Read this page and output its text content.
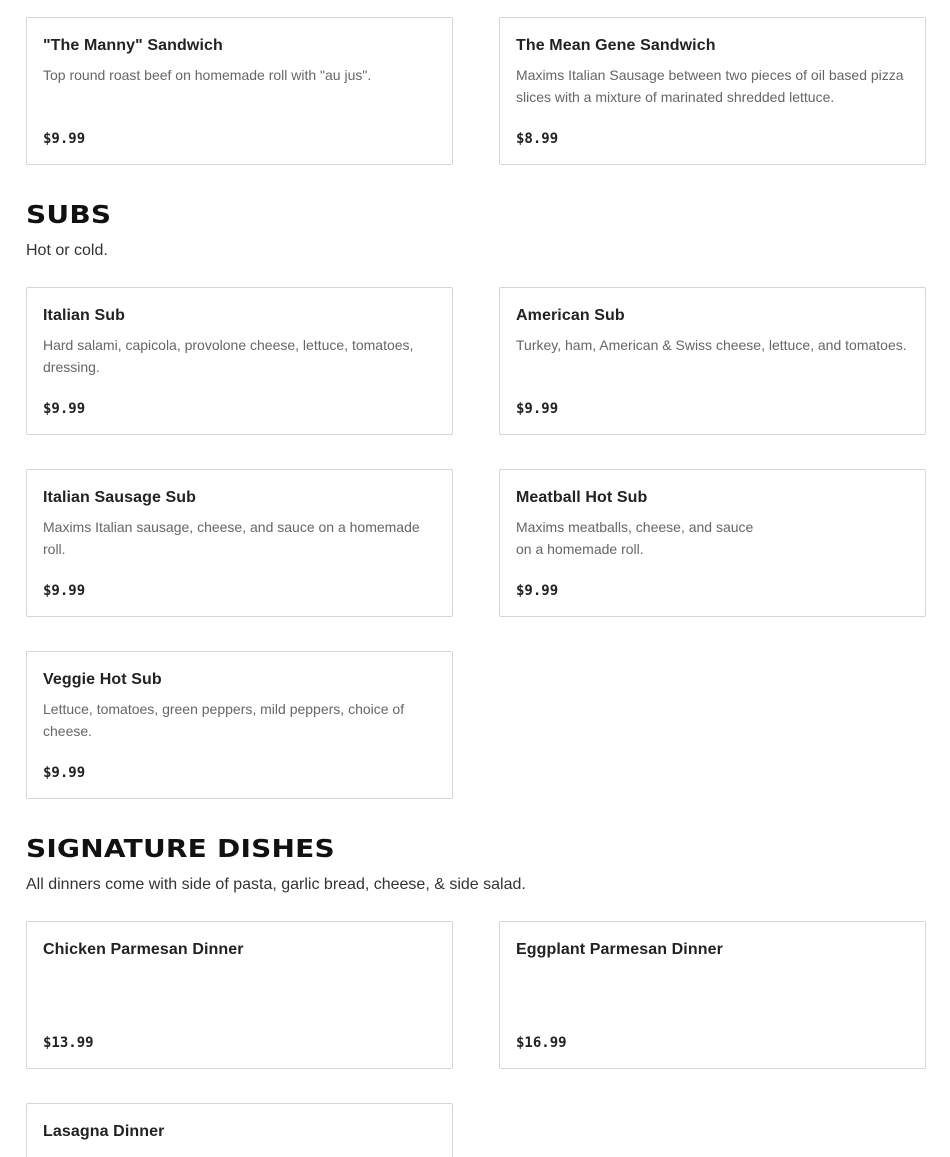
"The Manny" Sandwich
Top round roast beef on homemade roll with "au jus".
$9.99
The Mean Gene Sandwich
Maxims Italian Sausage between two pieces of oil based pizza slices with a mixture of marinated shredded lettuce.
$8.99
SUBS
Hot or cold.
Italian Sub
Hard salami, capicola, provolone cheese, lettuce, tomatoes, dressing.
$9.99
American Sub
Turkey, ham, American & Swiss cheese, lettuce, and tomatoes.
$9.99
Italian Sausage Sub
Maxims Italian sausage, cheese, and sauce on a homemade roll.
$9.99
Meatball Hot Sub
Maxims meatballs, cheese, and sauce on a homemade roll.
$9.99
Veggie Hot Sub
Lettuce, tomatoes, green peppers, mild peppers, choice of cheese.
$9.99
SIGNATURE DISHES
All dinners come with side of pasta, garlic bread, cheese, & side salad.
Chicken Parmesan Dinner
$13.99
Eggplant Parmesan Dinner
$16.99
Lasagna Dinner
